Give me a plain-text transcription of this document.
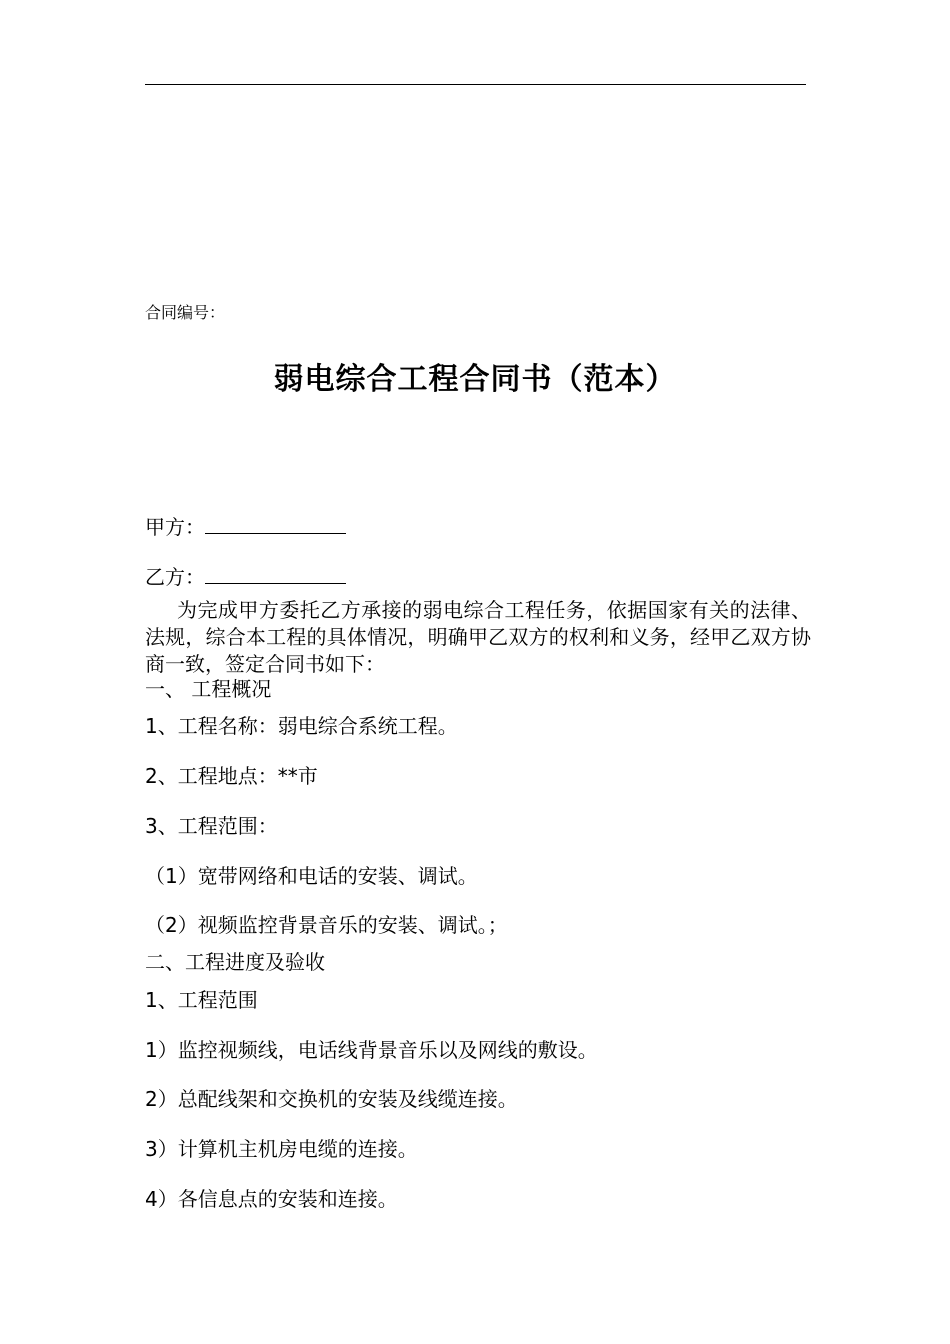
合同编号：
弱电综合工程合同书（范本）
甲方：
乙方：
为完成甲方委托乙方承接的弱电综合工程任务，依据国家有关的法律、法规，综合本工程的具体情况，明确甲乙双方的权利和义务，经甲乙双方协商一致，签定合同书如下：
一、 工程概况
1、工程名称：弱电综合系统工程。
2、工程地点：**市
3、工程范围：
（1）宽带网络和电话的安装、调试。
（2）视频监控背景音乐的安装、调试。；
二、工程进度及验收
1、工程范围
1）监控视频线，电话线背景音乐以及网线的敷设。
2）总配线架和交换机的安装及线缆连接。
3）计算机主机房电缆的连接。
4）各信息点的安装和连接。
